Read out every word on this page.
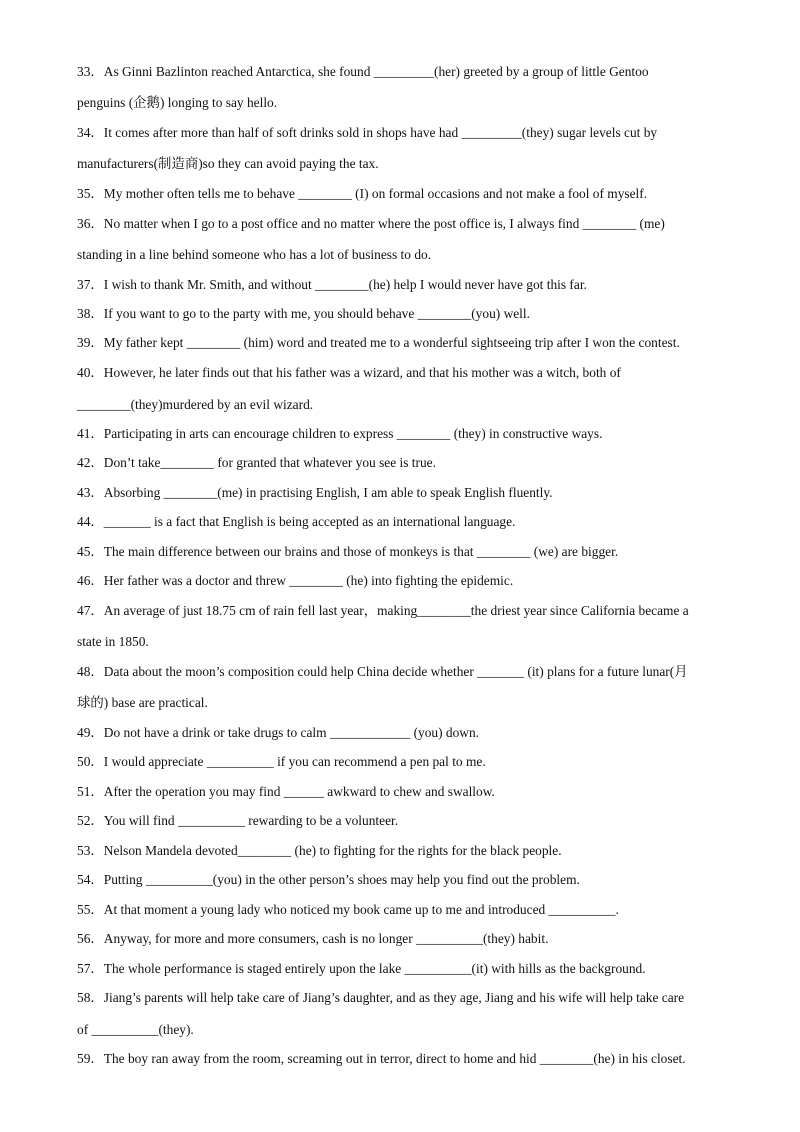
33．As Ginni Bazlinton reached Antarctica, she found _________(her) greeted by a group of little Gentoo
penguins (企鹅) longing to say hello.
34．It comes after more than half of soft drinks sold in shops have had _________(they) sugar levels cut by
manufacturers(制造商)so they can avoid paying the tax.
35．My mother often tells me to behave ________ (I) on formal occasions and not make a fool of myself.
36．No matter when I go to a post office and no matter where the post office is, I always find ________ (me)
standing in a line behind someone who has a lot of business to do.
37．I wish to thank Mr. Smith, and without ________(he) help I would never have got this far.
38．If you want to go to the party with me, you should behave ________(you) well.
39．My father kept ________ (him) word and treated me to a wonderful sightseeing trip after I won the contest.
40．However, he later finds out that his father was a wizard, and that his mother was a witch, both of
________(they)murdered by an evil wizard.
41．Participating in arts can encourage children to express ________ (they) in constructive ways.
42．Don’t take________ for granted that whatever you see is true.
43．Absorbing ________(me) in practising English, I am able to speak English fluently.
44．_______ is a fact that English is being accepted as an international language.
45．The main difference between our brains and those of monkeys is that ________ (we) are bigger.
46．Her father was a doctor and threw ________ (he) into fighting the epidemic.
47．An average of just 18.75 cm of rain fell last year，making________the driest year since California became a
state in 1850.
48．Data about the moon’s composition could help China decide whether _______ (it) plans for a future lunar(月
球的) base are practical.
49．Do not have a drink or take drugs to calm ____________ (you) down.
50．I would appreciate __________ if you can recommend a pen pal to me.
51．After the operation you may find ______ awkward to chew and swallow.
52．You will find __________ rewarding to be a volunteer.
53．Nelson Mandela devoted________ (he) to fighting for the rights for the black people.
54．Putting __________(you) in the other person’s shoes may help you find out the problem.
55．At that moment a young lady who noticed my book came up to me and introduced __________.
56．Anyway, for more and more consumers, cash is no longer __________(they) habit.
57．The whole performance is staged entirely upon the lake __________(it) with hills as the background.
58．Jiang’s parents will help take care of Jiang’s daughter, and as they age, Jiang and his wife will help take care
of __________(they).
59．The boy ran away from the room, screaming out in terror, direct to home and hid ________(he) in his closet.
